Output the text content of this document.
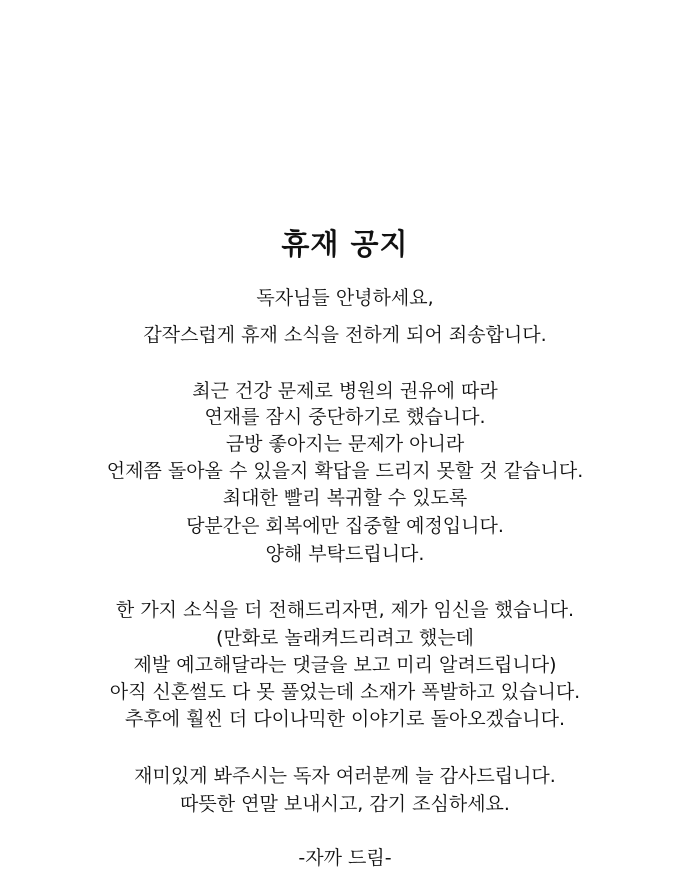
휴재 공지
독자님들 안녕하세요,
갑작스럽게 휴재 소식을 전하게 되어 죄송합니다.
최근 건강 문제로 병원의 권유에 따라
연재를 잠시 중단하기로 했습니다.
금방 좋아지는 문제가 아니라
언제쯤 돌아올 수 있을지 확답을 드리지 못할 것 같습니다.
최대한 빨리 복귀할 수 있도록
당분간은 회복에만 집중할 예정입니다.
양해 부탁드립니다.
한 가지 소식을 더 전해드리자면, 제가 임신을 했습니다.
(만화로 놀래켜드리려고 했는데
제발 예고해달라는 댓글을 보고 미리 알려드립니다)
아직 신혼썰도 다 못 풀었는데 소재가 폭발하고 있습니다.
추후에 훨씬 더 다이나믹한 이야기로 돌아오겠습니다.
재미있게 봐주시는 독자 여러분께 늘 감사드립니다.
따뜻한 연말 보내시고, 감기 조심하세요.
-자까 드림-
